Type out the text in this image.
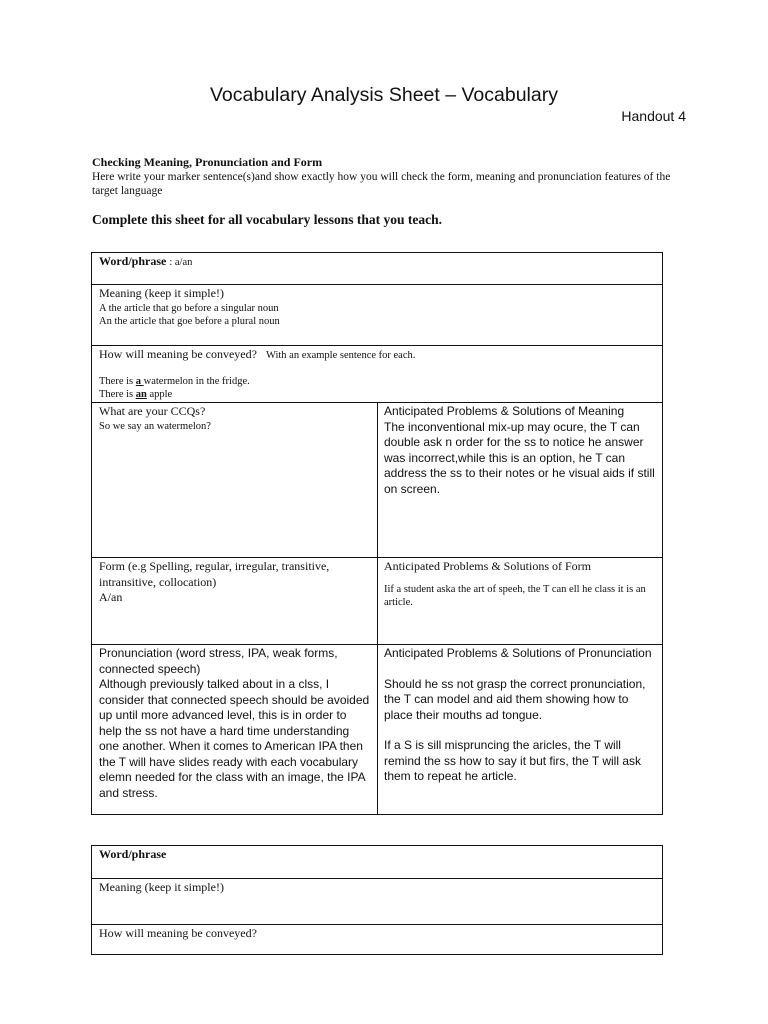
Vocabulary Analysis Sheet – Vocabulary
Handout 4
Checking Meaning, Pronunciation and Form
Here write your marker sentence(s)and show exactly how you will check the form, meaning and pronunciation features of the target language
Complete this sheet for all vocabulary lessons that you teach.
Word/phrase : a/an
Meaning (keep it simple!)
A the article that go before a singular noun
An the article that goe before a plural noun
How will meaning be conveyed? With an example sentence for each.
There is a watermelon in the fridge.
There is an apple
What are your CCQs?
So we say an watermelon?
Anticipated Problems & Solutions of Meaning
The inconventional mix-up may ocure, the T can double ask n order for the ss to notice he answer was incorrect,while this is an option, he T can address the ss to their notes or he visual aids if still on screen.
Form (e.g Spelling, regular, irregular, transitive, intransitive, collocation)
A/an
Anticipated Problems & Solutions of Form
Iif a student aska the art of speeh, the T can ell he class it is an article.
Pronunciation (word stress, IPA, weak forms, connected speech)
Although previously talked about in a clss, I consider that connected speech should be avoided up until more advanced level, this is in order to help the ss not have a hard time understanding one another. When it comes to American IPA then the T will have slides ready with each vocabulary elemn needed for the class with an image, the IPA and stress.
Anticipated Problems & Solutions of Pronunciation
Should he ss not grasp the correct pronunciation, the T can model and aid them showing how to place their mouths ad tongue.
If a S is sill mispruncing the aricles, the T will remind the ss how to say it but firs, the T will ask them to repeat he article.
Word/phrase
Meaning (keep it simple!)
How will meaning be conveyed?
